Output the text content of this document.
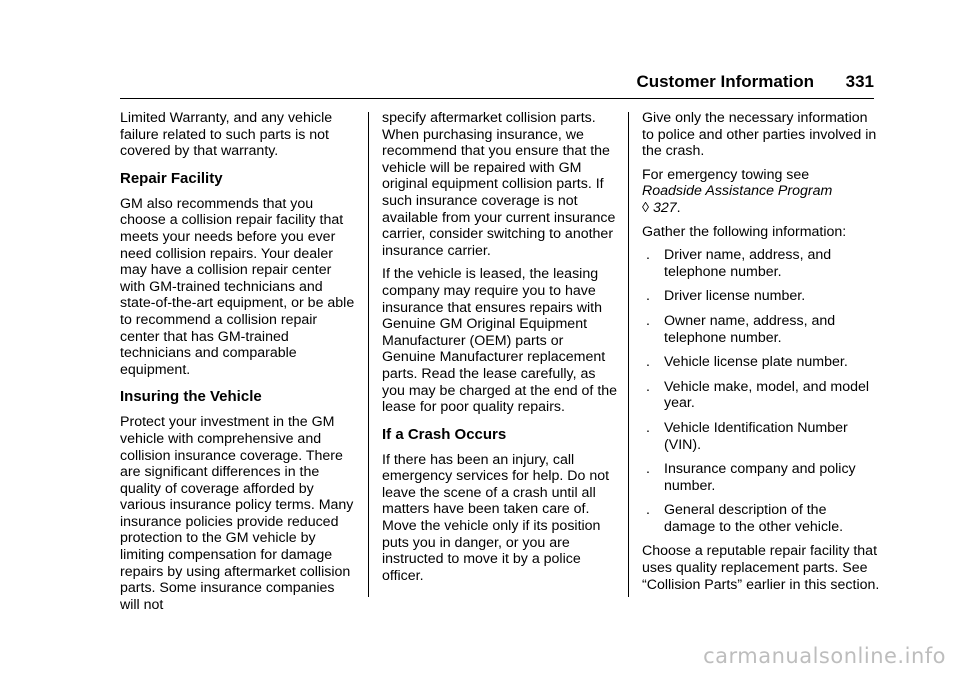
Customer Information 331

Limited Warranty, and any vehicle failure related to such parts is not covered by that warranty.

Repair Facility

GM also recommends that you choose a collision repair facility that meets your needs before you ever need collision repairs. Your dealer may have a collision repair center with GM-trained technicians and state-of-the-art equipment, or be able to recommend a collision repair center that has GM-trained technicians and comparable equipment.

Insuring the Vehicle

Protect your investment in the GM vehicle with comprehensive and collision insurance coverage. There are significant differences in the quality of coverage afforded by various insurance policy terms. Many insurance policies provide reduced protection to the GM vehicle by limiting compensation for damage repairs by using aftermarket collision parts. Some insurance companies will not

specify aftermarket collision parts. When purchasing insurance, we recommend that you ensure that the vehicle will be repaired with GM original equipment collision parts. If such insurance coverage is not available from your current insurance carrier, consider switching to another insurance carrier.

If the vehicle is leased, the leasing company may require you to have insurance that ensures repairs with Genuine GM Original Equipment Manufacturer (OEM) parts or Genuine Manufacturer replacement parts. Read the lease carefully, as you may be charged at the end of the lease for poor quality repairs.

If a Crash Occurs

If there has been an injury, call emergency services for help. Do not leave the scene of a crash until all matters have been taken care of. Move the vehicle only if its position puts you in danger, or you are instructed to move it by a police officer.

Give only the necessary information to police and other parties involved in the crash.

For emergency towing see
Roadside Assistance Program
◊ 327.

Gather the following information:

. Driver name, address, and telephone number.
. Driver license number.
. Owner name, address, and telephone number.
. Vehicle license plate number.
. Vehicle make, model, and model year.
. Vehicle Identification Number (VIN).
. Insurance company and policy number.
. General description of the damage to the other vehicle.

Choose a reputable repair facility that uses quality replacement parts. See “Collision Parts” earlier in this section.

carmanualsonline.info
